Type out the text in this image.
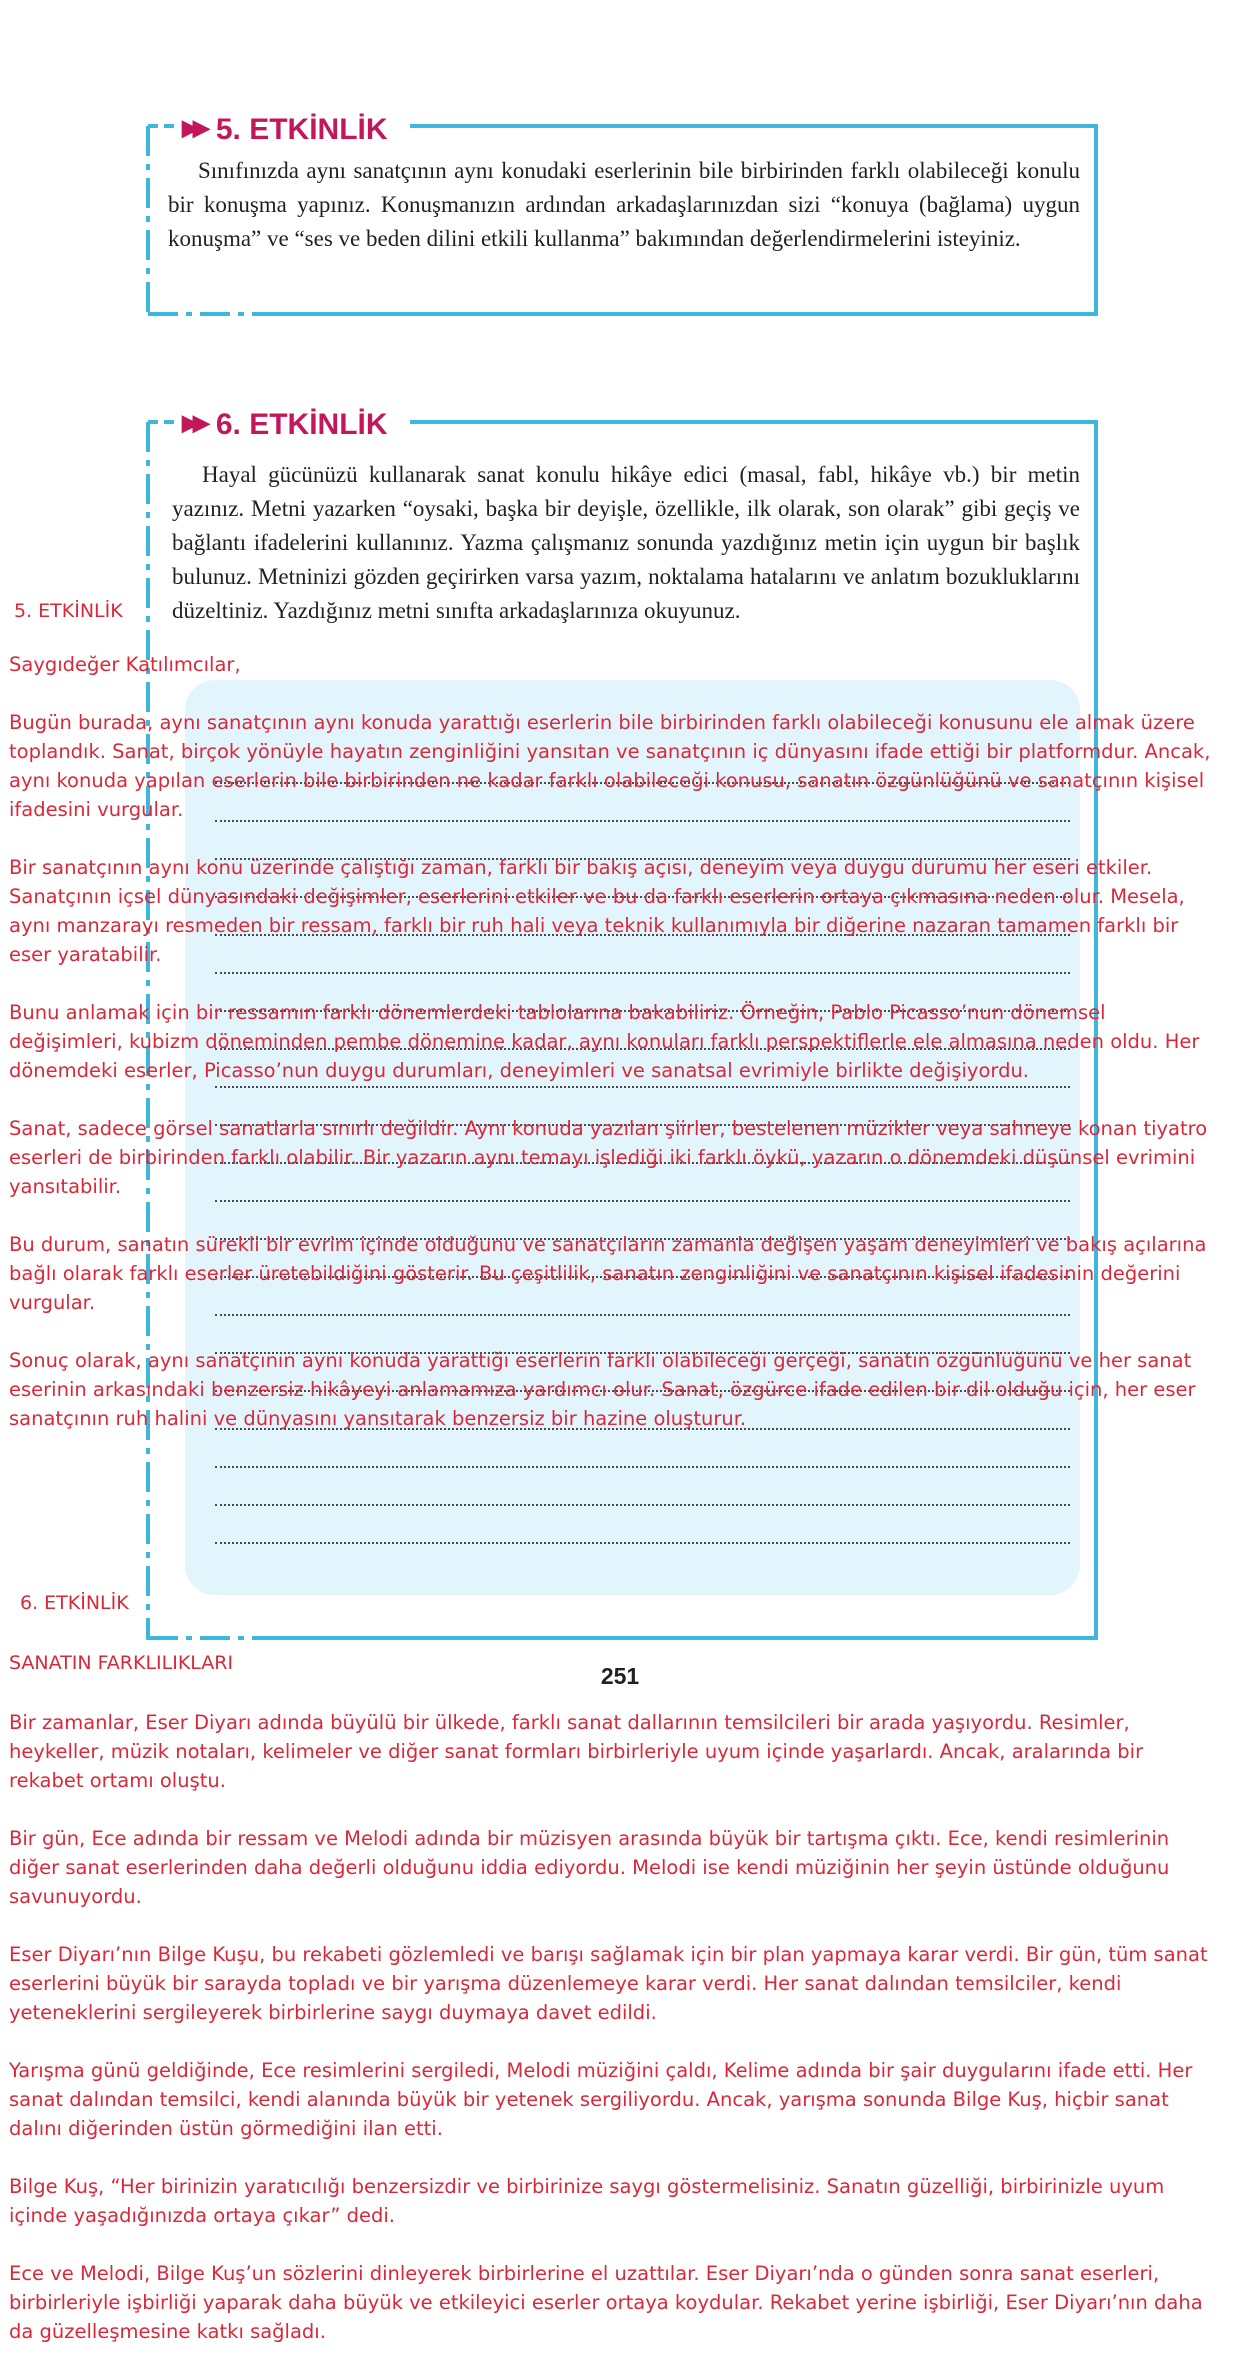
▶▶ 5. ETKİNLİK

Sınıfınızda aynı sanatçının aynı konudaki eserlerinin bile birbirinden farklı olabileceği konulu bir konuşma yapınız. Konuşmanızın ardından arkadaşlarınızdan sizi “konuya (bağlama) uygun konuşma” ve “ses ve beden dilini etkili kullanma” bakımından değerlendirmelerini isteyiniz.

▶▶ 6. ETKİNLİK

Hayal gücünüzü kullanarak sanat konulu hikâye edici (masal, fabl, hikâye vb.) bir metin yazınız. Metni yazarken “oysaki, başka bir deyişle, özellikle, ilk olarak, son olarak” gibi geçiş ve bağlantı ifadelerini kullanınız. Yazma çalışmanız sonunda yazdığınız metin için uygun bir başlık bulunuz. Metninizi gözden geçirirken varsa yazım, noktalama hatalarını ve anlatım bozukluklarını düzeltiniz. Yazdığınız metni sınıfta arkadaşlarınıza okuyunuz.

251
5. ETKİNLİK

Saygıdeğer Katılımcılar,

Bugün burada, aynı sanatçının aynı konuda yarattığı eserlerin bile birbirinden farklı olabileceği konusunu ele almak üzere toplandık. Sanat, birçok yönüyle hayatın zenginliğini yansıtan ve sanatçının iç dünyasını ifade ettiği bir platformdur. Ancak, aynı konuda yapılan eserlerin bile birbirinden ne kadar farklı olabileceği konusu, sanatın özgünlüğünü ve sanatçının kişisel ifadesini vurgular.

Bir sanatçının aynı konu üzerinde çalıştığı zaman, farklı bir bakış açısı, deneyim veya duygu durumu her eseri etkiler. Sanatçının içsel dünyasındaki değişimler, eserlerini etkiler ve bu da farklı eserlerin ortaya çıkmasına neden olur. Mesela, aynı manzarayı resmeden bir ressam, farklı bir ruh hali veya teknik kullanımıyla bir diğerine nazaran tamamen farklı bir eser yaratabilir.

Bunu anlamak için bir ressamın farklı dönemlerdeki tablolarına bakabiliriz. Örneğin, Pablo Picasso’nun dönemsel değişimleri, kubizm döneminden pembe dönemine kadar, aynı konuları farklı perspektiflerle ele almasına neden oldu. Her dönemdeki eserler, Picasso’nun duygu durumları, deneyimleri ve sanatsal evrimiyle birlikte değişiyordu.

Sanat, sadece görsel sanatlarla sınırlı değildir. Aynı konuda yazılan şiirler, bestelenen müzikler veya sahneye konan tiyatro eserleri de birbirinden farklı olabilir. Bir yazarın aynı temayı işlediği iki farklı öykü, yazarın o dönemdeki düşünsel evrimini yansıtabilir.

Bu durum, sanatın sürekli bir evrim içinde olduğunu ve sanatçıların zamanla değişen yaşam deneyimleri ve bakış açılarına bağlı olarak farklı eserler üretebildiğini gösterir. Bu çeşitlilik, sanatın zenginliğini ve sanatçının kişisel ifadesinin değerini vurgular.

Sonuç olarak, aynı sanatçının aynı konuda yarattığı eserlerin farklı olabileceği gerçeği, sanatın özgünlüğünü ve her sanat eserinin arkasındaki benzersiz hikâyeyi anlamamıza yardımcı olur. Sanat, özgürce ifade edilen bir dil olduğu için, her eser sanatçının ruh halini ve dünyasını yansıtarak benzersiz bir hazine oluşturur.

6. ETKİNLİK
SANATIN FARKLILIKLARI

Bir zamanlar, Eser Diyarı adında büyülü bir ülkede, farklı sanat dallarının temsilcileri bir arada yaşıyordu. Resimler, heykeller, müzik notaları, kelimeler ve diğer sanat formları birbirleriyle uyum içinde yaşarlardı. Ancak, aralarında bir rekabet ortamı oluştu.

Bir gün, Ece adında bir ressam ve Melodi adında bir müzisyen arasında büyük bir tartışma çıktı. Ece, kendi resimlerinin diğer sanat eserlerinden daha değerli olduğunu iddia ediyordu. Melodi ise kendi müziğinin her şeyin üstünde olduğunu savunuyordu.

Eser Diyarı’nın Bilge Kuşu, bu rekabeti gözlemledi ve barışı sağlamak için bir plan yapmaya karar verdi. Bir gün, tüm sanat eserlerini büyük bir sarayda topladı ve bir yarışma düzenlemeye karar verdi. Her sanat dalından temsilciler, kendi yeteneklerini sergileyerek birbirlerine saygı duymaya davet edildi.

Yarışma günü geldiğinde, Ece resimlerini sergiledi, Melodi müziğini çaldı, Kelime adında bir şair duygularını ifade etti. Her sanat dalından temsilci, kendi alanında büyük bir yetenek sergiliyordu. Ancak, yarışma sonunda Bilge Kuş, hiçbir sanat dalını diğerinden üstün görmediğini ilan etti.

Bilge Kuş, “Her birinizin yaratıcılığı benzersizdir ve birbirinize saygı göstermelisiniz. Sanatın güzelliği, birbirinizle uyum içinde yaşadığınızda ortaya çıkar” dedi.

Ece ve Melodi, Bilge Kuş’un sözlerini dinleyerek birbirlerine el uzattılar. Eser Diyarı’nda o günden sonra sanat eserleri, birbirleriyle işbirliği yaparak daha büyük ve etkileyici eserler ortaya koydular. Rekabet yerine işbirliği, Eser Diyarı’nın daha da güzelleşmesine katkı sağladı.
